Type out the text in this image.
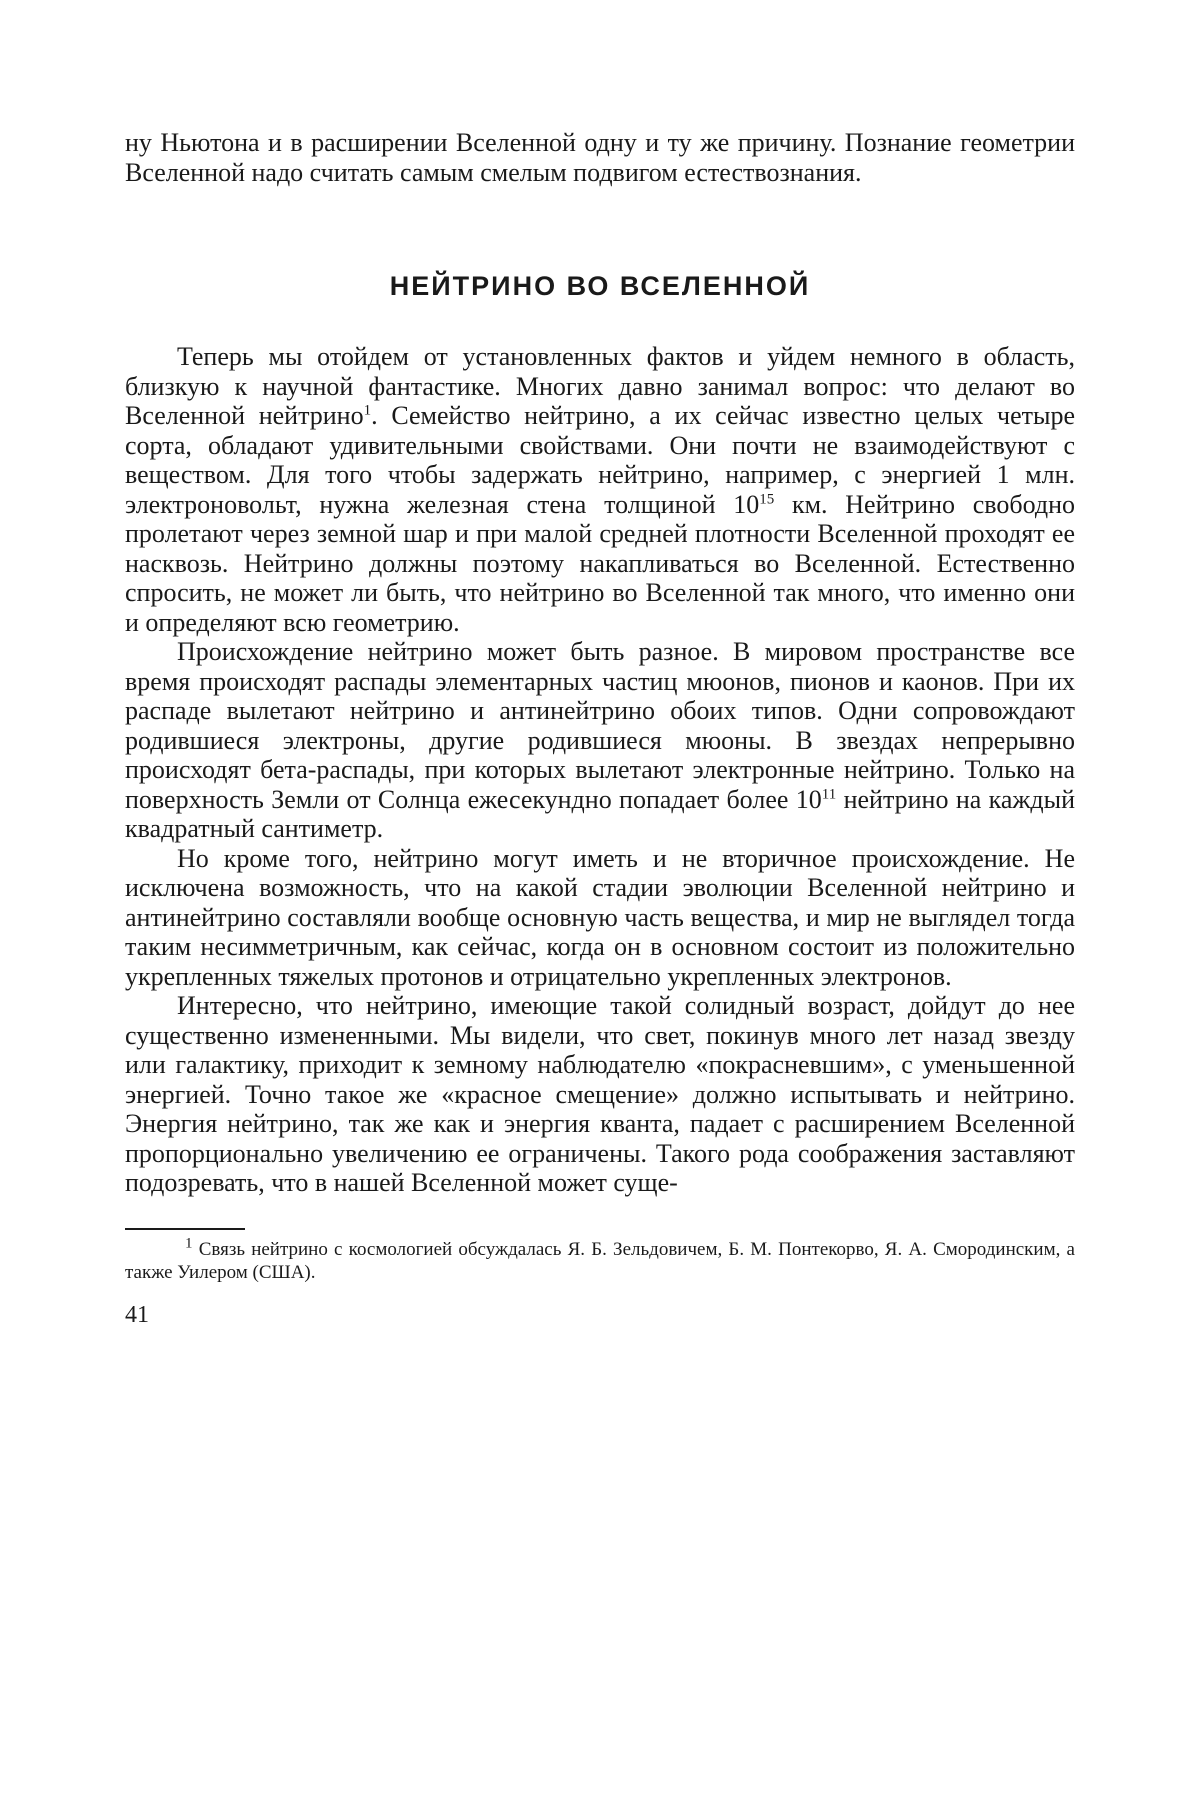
ну Ньютона и в расширении Вселенной одну и ту же причину. Познание геометрии Вселенной надо считать самым смелым подвигом естествознания.

НЕЙТРИНО ВО ВСЕЛЕННОЙ

Теперь мы отойдем от установленных фактов и уйдем немного в область, близкую к научной фантастике. Многих давно занимал вопрос: что делают во Вселенной нейтрино$^1$. Семейство нейтрино, а их сейчас известно целых четыре сорта, обладают удивительными свойствами. Они почти не взаимодействуют с веществом. Для того чтобы задержать нейтрино, например, с энергией 1 млн. электроновольт, нужна железная стена толщиной $10^{15}$ км. Нейтрино свободно пролетают через земной шар и при малой средней плотности Вселенной проходят ее насквозь. Нейтрино должны поэтому накапливаться во Вселенной. Естественно спросить, не может ли быть, что нейтрино во Вселенной так много, что именно они и определяют всю геометрию.

Происхождение нейтрино может быть разное. В мировом пространстве все время происходят распады элементарных частиц мюонов, пионов и каонов. При их распаде вылетают нейтрино и антинейтрино обоих типов. Одни сопровождают родившиеся электроны, другие родившиеся мюоны. В звездах непрерывно происходят бета-распады, при которых вылетают электронные нейтрино. Только на поверхность Земли от Солнца ежесекундно попадает более $10^{11}$ нейтрино на каждый квадратный сантиметр.

Но кроме того, нейтрино могут иметь и не вторичное происхождение. Не исключена возможность, что на какой стадии эволюции Вселенной нейтрино и антинейтрино составляли вообще основную часть вещества, и мир не выглядел тогда таким несимметричным, как сейчас, когда он в основном состоит из положительно укрепленных тяжелых протонов и отрицательно укрепленных электронов.

Интересно, что нейтрино, имеющие такой солидный возраст, дойдут до нее существенно измененными. Мы видели, что свет, покинув много лет назад звезду или галактику, приходит к земному наблюдателю «покрасневшим», с уменьшенной энергией. Точно такое же «красное смещение» должно испытывать и нейтрино. Энергия нейтрино, так же как и энергия кванта, падает с расширением Вселенной пропорционально увеличению ее ограничены. Такого рода соображения заставляют подозревать, что в нашей Вселенной может суще-

$^1$ Связь нейтрино с космологией обсуждалась Я. Б. Зельдовичем, Б. М. Понтекорво, Я. А. Смородинским, а также Уилером (США).

41
